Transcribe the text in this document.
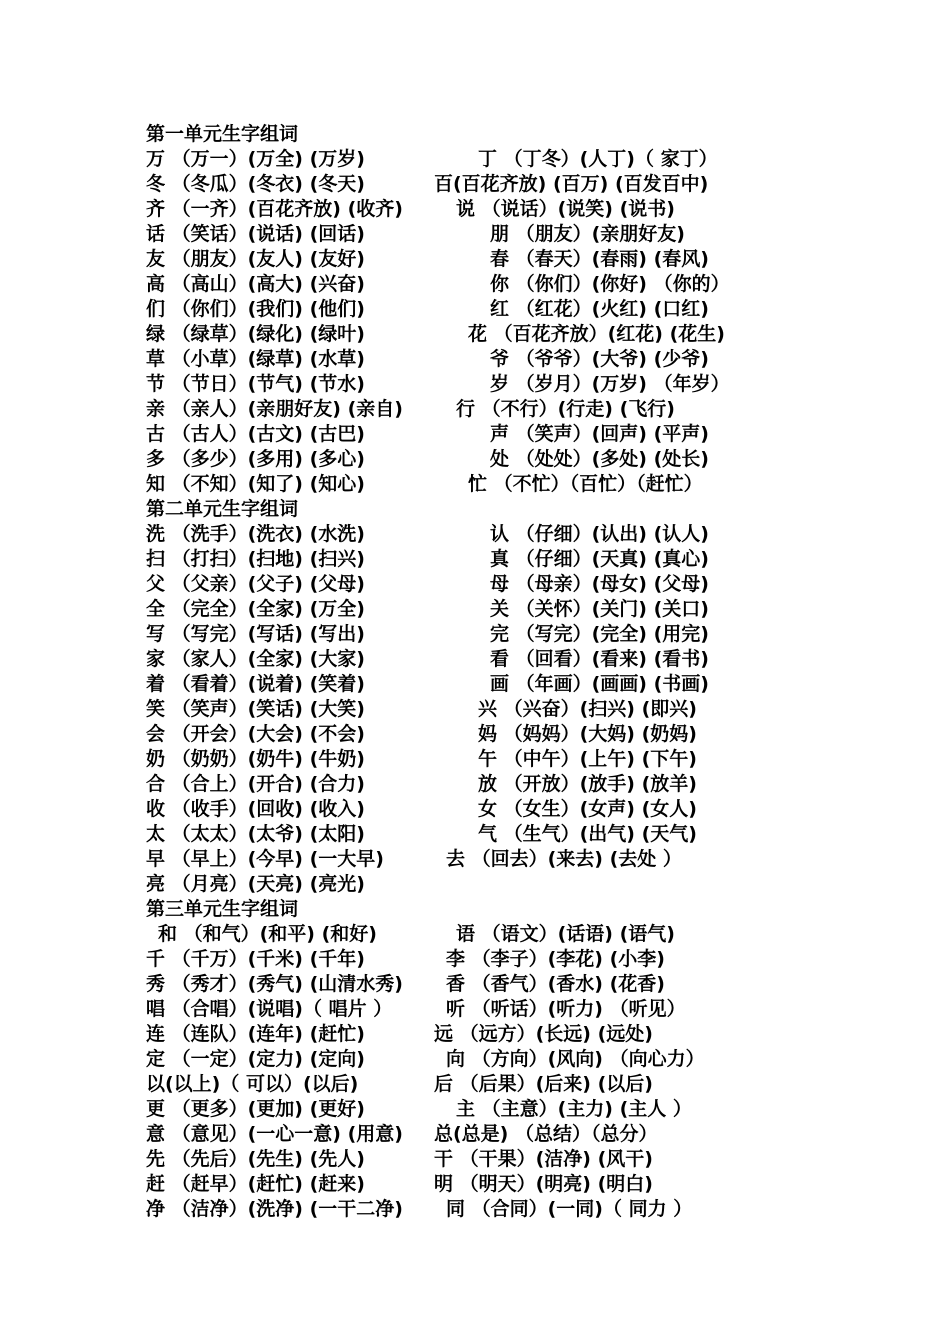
第一单元生字组词
万 （万一）(万全) (万岁)	丁 （丁冬）(人丁)（ 家丁）
冬 （冬瓜）(冬衣) (冬天)	百(百花齐放) (百万) (百发百中)
齐 （一齐）(百花齐放) (收齐)	说 （说话）(说笑) (说书)
话 （笑话）(说话) (回话)	朋 （朋友）(亲朋好友)
友 （朋友）(友人) (友好)	春 （春天）(春雨) (春风)
高 （高山）(高大) (兴奋)	你 （你们）(你好) （你的）
们 （你们）(我们) (他们)	红 （红花）(火红) (口红)
绿 （绿草）(绿化) (绿叶)	花 （百花齐放）(红花) (花生)
草 （小草）(绿草) (水草)	爷 （爷爷）(大爷) (少爷)
节 （节日）(节气) (节水)	岁 （岁月）(万岁) （年岁）
亲 （亲人）(亲朋好友) (亲自)	行 （不行）(行走) (飞行)
古 （古人）(古文) (古巴)	声 （笑声）(回声) (平声)
多 （多少）(多用) (多心)	处 （处处）(多处) (处长)
知 （不知）(知了) (知心)	忙 （不忙）（百忙）（赶忙）
第二单元生字组词
洗 （洗手）(洗衣) (水洗)	认 （仔细）(认出) (认人)
扫 （打扫）(扫地) (扫兴)	真 （仔细）(天真) (真心)
父 （父亲）(父子) (父母)	母 （母亲）(母女) (父母)
全 （完全）(全家) (万全)	关 （关怀）(关门) (关口)
写 （写完）(写话) (写出)	完 （写完）(完全) (用完)
家 （家人）(全家) (大家)	看 （回看）(看来) (看书)
着 （看着）(说着) (笑着)	画 （年画）(画画) (书画)
笑 （笑声）(笑话) (大笑)	兴 （兴奋）(扫兴) (即兴)
会 （开会）(大会) (不会)	妈 （妈妈）(大妈) (奶妈)
奶 （奶奶）(奶牛) (牛奶)	午 （中午）(上午) (下午)
合 （合上）(开合) (合力)	放 （开放）(放手) (放羊)
收 （收手）(回收) (收入)	女 （女生）(女声) (女人)
太 （太太）(太爷) (太阳)	气 （生气）(出气) (天气)
早 （早上）(今早) (一大早)	去 （回去）(来去) (去处 ）
亮 （月亮）(天亮) (亮光)
第三单元生字组词
和 （和气）(和平) (和好)	语 （语文）(话语) (语气)
千 （千万）(千米) (千年)	李 （李子）(李花) (小李)
秀 （秀才）(秀气) (山清水秀) 香 （香气）(香水) (花香)
唱 （合唱）(说唱)（ 唱片 ）	听 （听话）(听力) （听见）
连 （连队）(连年) (赶忙)	远 （远方）(长远) (远处)
定 （一定）(定力) (定向)	向 （方向）(风向) （向心力）
以(以上)（ 可以）(以后)	后 （后果）(后来) (以后)
更 （更多）(更加) (更好)	主 （主意）(主力) (主人 ）
意 （意见）(一心一意) (用意) 总(总是) （总结）（总分）
先 （先后）(先生) (先人)	干 （干果）(洁净) (风干)
赶 （赶早）(赶忙) (赶来)	明 （明天）(明亮) (明白)
净 （洁净）(洗净) (一干二净) 同 （合同）(一同)（ 同力 ）
